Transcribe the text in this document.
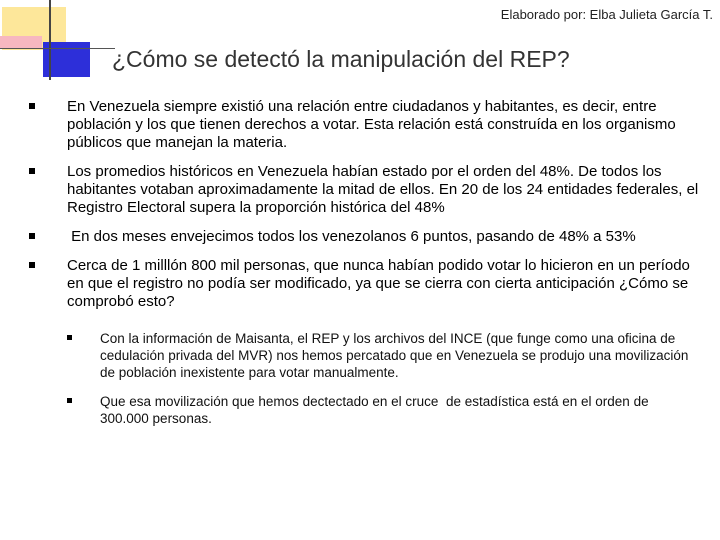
Elaborado por: Elba Julieta García T.
¿Cómo se detectó la manipulación del REP?
En Venezuela siempre existió una relación entre ciudadanos y habitantes, es decir, entre población y los que tienen derechos a votar. Esta relación está construída en los organismo públicos que manejan la materia.
Los promedios históricos en Venezuela habían estado por el orden del 48%. De todos los habitantes votaban aproximadamente la mitad de ellos. En 20 de los 24 entidades federales, el Registro Electoral supera la proporción histórica del 48%
En dos meses envejecimos todos los venezolanos 6 puntos, pasando de 48% a 53%
Cerca de 1 milllón 800 mil personas, que nunca habían podido votar lo hicieron en un período en que el registro no podía ser modificado, ya que se cierra con cierta anticipación ¿Cómo se comprobó esto?
Con la información de Maisanta, el REP y los archivos del INCE (que funge como una oficina de cedulación privada del MVR) nos hemos percatado que en Venezuela se produjo una movilización de población inexistente para votar manualmente.
Que esa movilización que hemos dectectado en el cruce  de estadística está en el orden de 300.000 personas.
